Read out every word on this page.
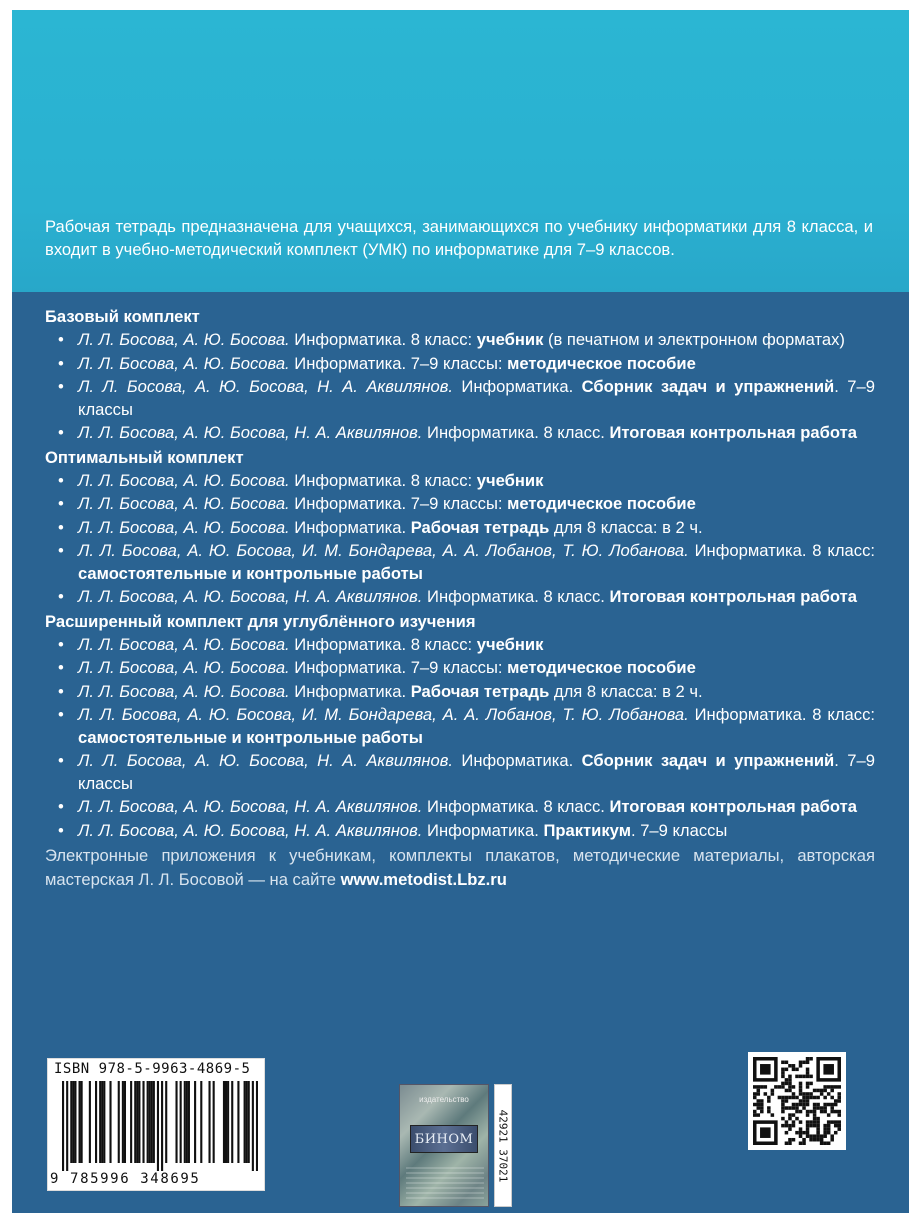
Рабочая тетрадь предназначена для учащихся, занимающихся по учебнику информатики для 8 класса, и входит в учебно-методический комплект (УМК) по информатике для 7–9 классов.

Базовый комплект
• Л. Л. Босова, А. Ю. Босова. Информатика. 8 класс: учебник (в печатном и электронном форматах)
• Л. Л. Босова, А. Ю. Босова. Информатика. 7–9 классы: методическое пособие
• Л. Л. Босова, А. Ю. Босова, Н. А. Аквилянов. Информатика. Сборник задач и упражнений. 7–9 классы
• Л. Л. Босова, А. Ю. Босова, Н. А. Аквилянов. Информатика. 8 класс. Итоговая контрольная работа
Оптимальный комплект
• Л. Л. Босова, А. Ю. Босова. Информатика. 8 класс: учебник
• Л. Л. Босова, А. Ю. Босова. Информатика. 7–9 классы: методическое пособие
• Л. Л. Босова, А. Ю. Босова. Информатика. Рабочая тетрадь для 8 класса: в 2 ч.
• Л. Л. Босова, А. Ю. Босова, И. М. Бондарева, А. А. Лобанов, Т. Ю. Лобанова. Информатика. 8 класс: самостоятельные и контрольные работы
• Л. Л. Босова, А. Ю. Босова, Н. А. Аквилянов. Информатика. 8 класс. Итоговая контрольная работа
Расширенный комплект для углублённого изучения
• Л. Л. Босова, А. Ю. Босова. Информатика. 8 класс: учебник
• Л. Л. Босова, А. Ю. Босова. Информатика. 7–9 классы: методическое пособие
• Л. Л. Босова, А. Ю. Босова. Информатика. Рабочая тетрадь для 8 класса: в 2 ч.
• Л. Л. Босова, А. Ю. Босова, И. М. Бондарева, А. А. Лобанов, Т. Ю. Лобанова. Информатика. 8 класс: самостоятельные и контрольные работы
• Л. Л. Босова, А. Ю. Босова, Н. А. Аквилянов. Информатика. Сборник задач и упражнений. 7–9 классы
• Л. Л. Босова, А. Ю. Босова, Н. А. Аквилянов. Информатика. 8 класс. Итоговая контрольная работа
• Л. Л. Босова, А. Ю. Босова, Н. А. Аквилянов. Информатика. Практикум. 7–9 классы

Электронные приложения к учебникам, комплекты плакатов, методические материалы, авторская мастерская Л. Л. Босовой — на сайте www.metodist.Lbz.ru

ISBN 978-5-9963-4869-5
9 785996 348695
издательство
БИНОМ 42921 37021
